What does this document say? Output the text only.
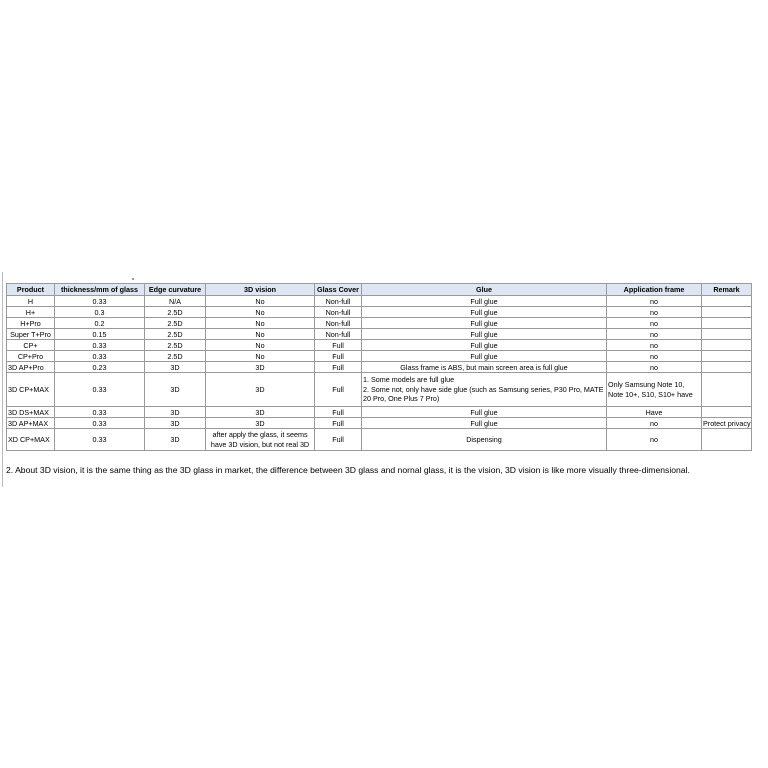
Product	thickness/mm of glass	Edge curvature	3D vision	Glass Cover	Glue	Application frame	Remark
H	0.33	N/A	No	Non-full	Full glue	no	
H+	0.3	2.5D	No	Non-full	Full glue	no	
H+Pro	0.2	2.5D	No	Non-full	Full glue	no	
Super T+Pro	0.15	2.5D	No	Non-full	Full glue	no	
CP+	0.33	2.5D	No	Full	Full glue	no	
CP+Pro	0.33	2.5D	No	Full	Full glue	no	
3D AP+Pro	0.23	3D	3D	Full	Glass frame is ABS, but main screen area is full glue	no	
3D CP+MAX	0.33	3D	3D	Full	1. Some models are full glue
2. Some not, only have side glue (such as Samsung series, P30 Pro, MATE
20 Pro, One Plus 7 Pro)	Only Samsung Note 10,
Note 10+, S10, S10+ have	

3D DS+MAX	0.33	3D	3D	Full	Full glue	Have	
3D AP+MAX	0.33	3D	3D	Full	Full glue	no	Protect privacy
XD CP+MAX	0.33	3D	after apply the glass, it seems
have 3D vision, but not real 3D	Full	Dispensing	no	
2. About 3D vision, it is the same thing as the 3D glass in market, the difference between 3D glass and nornal glass, it is the vision, 3D vision is like more visually three-dimensional.
